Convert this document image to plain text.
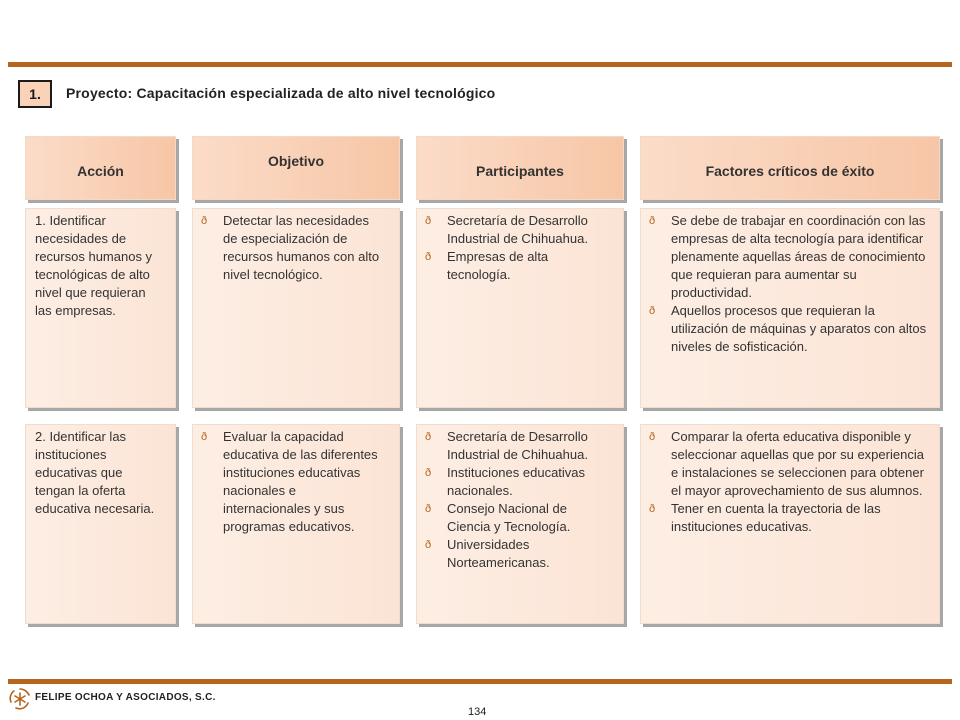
1.	Proyecto: Capacitación especializada de alto nivel tecnológico
Acción
Objetivo
Participantes	Factores críticos de éxito
1. Identificar necesidades de recursos humanos y tecnológicas de alto nivel que requieran las empresas.
ð Detectar las necesidades de especialización de recursos humanos con alto nivel tecnológico.
ð Secretaría de Desarrollo Industrial de Chihuahua.
ð Empresas de alta tecnología.
ð Se debe de trabajar en coordinación con las empresas de alta tecnología para identificar plenamente aquellas áreas de conocimiento que requieran para aumentar su productividad.
ð Aquellos procesos que requieran la utilización de máquinas y aparatos con altos niveles de sofisticación.
2. Identificar las instituciones educativas que tengan la oferta educativa necesaria.
ð Evaluar la capacidad educativa de las diferentes instituciones educativas nacionales e internacionales y sus programas educativos.
ð Secretaría de Desarrollo Industrial de Chihuahua.
ð Instituciones educativas nacionales.
ð Consejo Nacional de Ciencia y Tecnología.
ð Universidades Norteamericanas.
ð Comparar la oferta educativa disponible y seleccionar aquellas que por su experiencia e instalaciones se seleccionen para obtener el mayor aprovechamiento de sus alumnos.
ð Tener en cuenta la trayectoria de las instituciones educativas.
FELIPE OCHOA Y ASOCIADOS, S.C.
134
